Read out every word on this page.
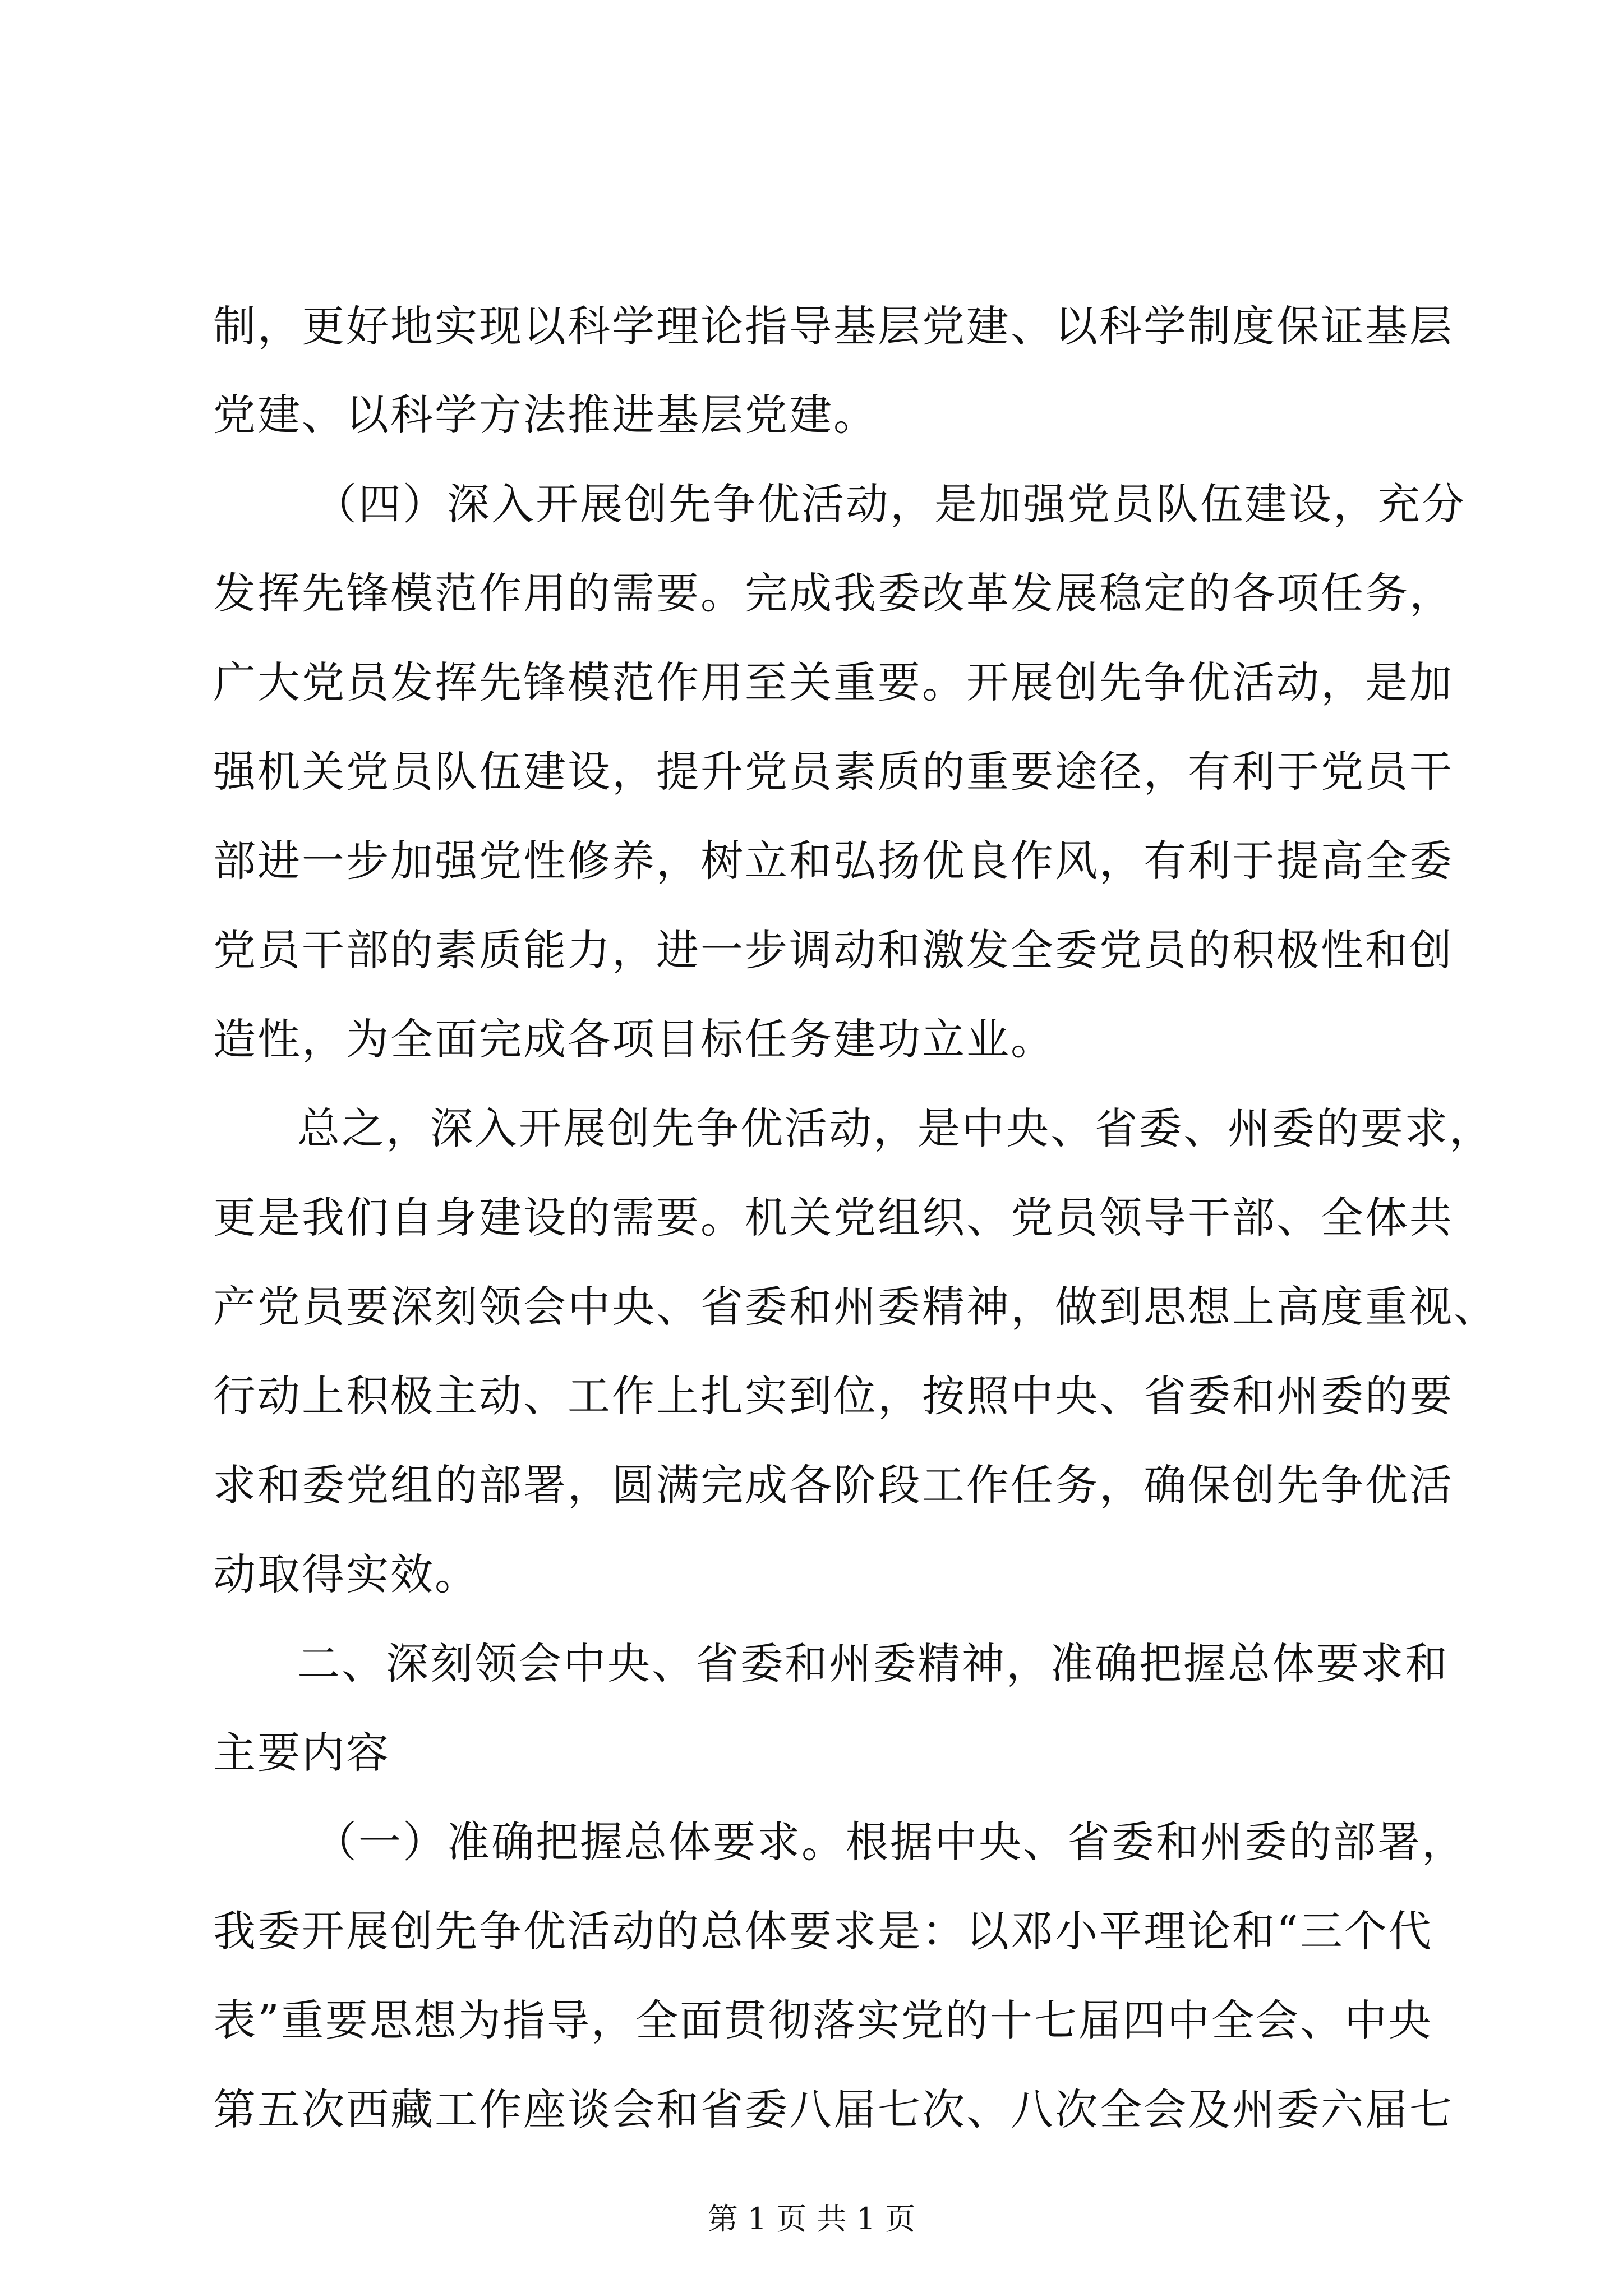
制，更好地实现以科学理论指导基层党建、以科学制度保证基层
党建、以科学方法推进基层党建。
（四）深入开展创先争优活动，是加强党员队伍建设，充分
发挥先锋模范作用的需要。完成我委改革发展稳定的各项任务，
广大党员发挥先锋模范作用至关重要。开展创先争优活动，是加
强机关党员队伍建设，提升党员素质的重要途径，有利于党员干
部进一步加强党性修养，树立和弘扬优良作风，有利于提高全委
党员干部的素质能力，进一步调动和激发全委党员的积极性和创
造性，为全面完成各项目标任务建功立业。
总之，深入开展创先争优活动，是中央、省委、州委的要求，
更是我们自身建设的需要。机关党组织、党员领导干部、全体共
产党员要深刻领会中央、省委和州委精神，做到思想上高度重视、
行动上积极主动、工作上扎实到位，按照中央、省委和州委的要
求和委党组的部署，圆满完成各阶段工作任务，确保创先争优活
动取得实效。
二、深刻领会中央、省委和州委精神，准确把握总体要求和
主要内容
（一）准确把握总体要求。根据中央、省委和州委的部署，
我委开展创先争优活动的总体要求是：以邓小平理论和“三个代
表”重要思想为指导，全面贯彻落实党的十七届四中全会、中央
第五次西藏工作座谈会和省委八届七次、八次全会及州委六届七
第 1 页 共 1 页
